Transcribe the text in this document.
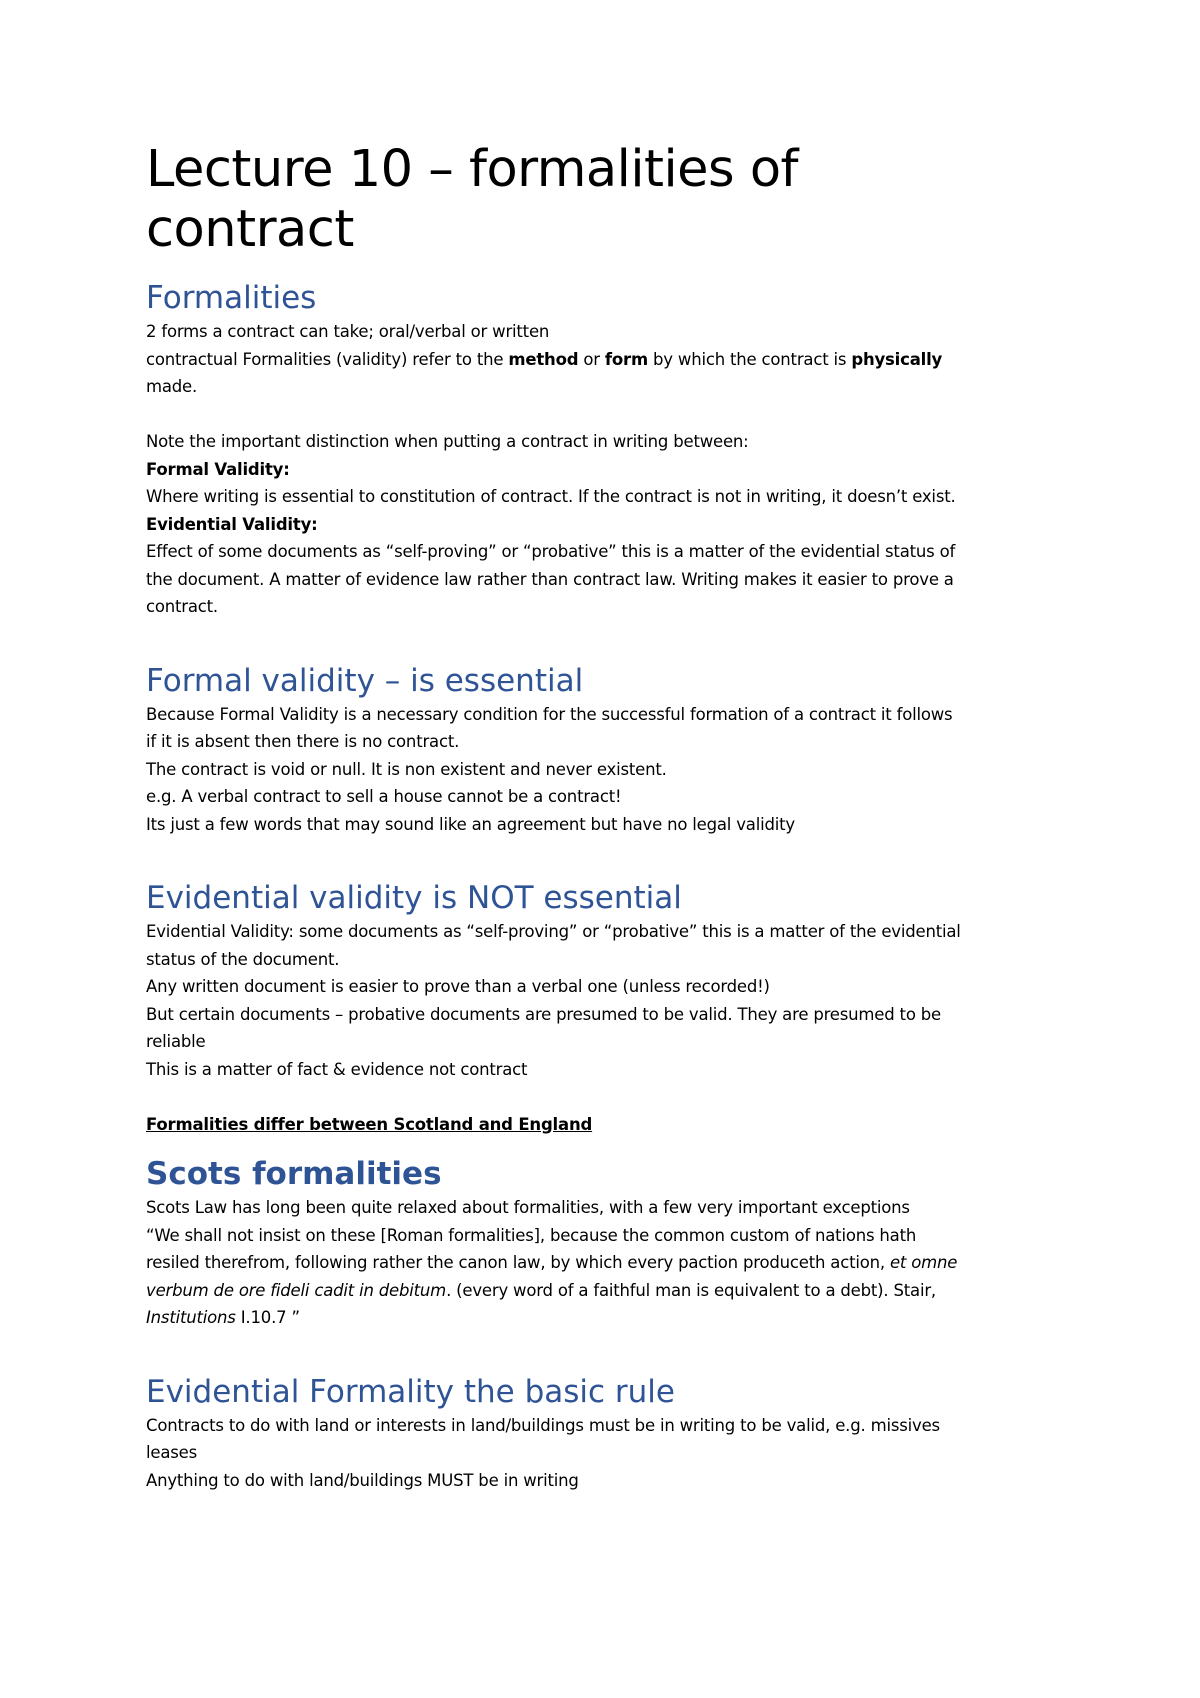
Lecture 10 – formalities of contract
Formalities

2 forms a contract can take; oral/verbal or written

contractual Formalities (validity) refer to the method or form by which the contract is physically

made.

Note the important distinction when putting a contract in writing between:

Formal Validity:

Where writing is essential to constitution of contract. If the contract is not in writing, it doesn’t exist.

Evidential Validity:

Effect of some documents as “self-proving” or “probative” this is a matter of the evidential status of

the document. A matter of evidence law rather than contract law. Writing makes it easier to prove a

contract.

Formal validity – is essential

Because Formal Validity is a necessary condition for the successful formation of a contract it follows

if it is absent then there is no contract.

The contract is void or null. It is non existent and never existent.

e.g. A verbal contract to sell a house cannot be a contract!

Its just a few words that may sound like an agreement but have no legal validity

Evidential validity is NOT essential

Evidential Validity: some documents as “self-proving” or “probative” this is a matter of the evidential

status of the document.

Any written document is easier to prove than a verbal one (unless recorded!)

But certain documents – probative documents are presumed to be valid. They are presumed to be

reliable

This is a matter of fact & evidence not contract

Formalities differ between Scotland and England

Scots formalities

Scots Law has long been quite relaxed about formalities, with a few very important exceptions

“We shall not insist on these [Roman formalities], because the common custom of nations hath

resiled therefrom, following rather the canon law, by which every paction produceth action, et omne

verbum de ore fideli cadit in debitum. (every word of a faithful man is equivalent to a debt). Stair,

Institutions I.10.7 ”

Evidential Formality the basic rule

Contracts to do with land or interests in land/buildings must be in writing to be valid, e.g. missives

leases

Anything to do with land/buildings MUST be in writing
